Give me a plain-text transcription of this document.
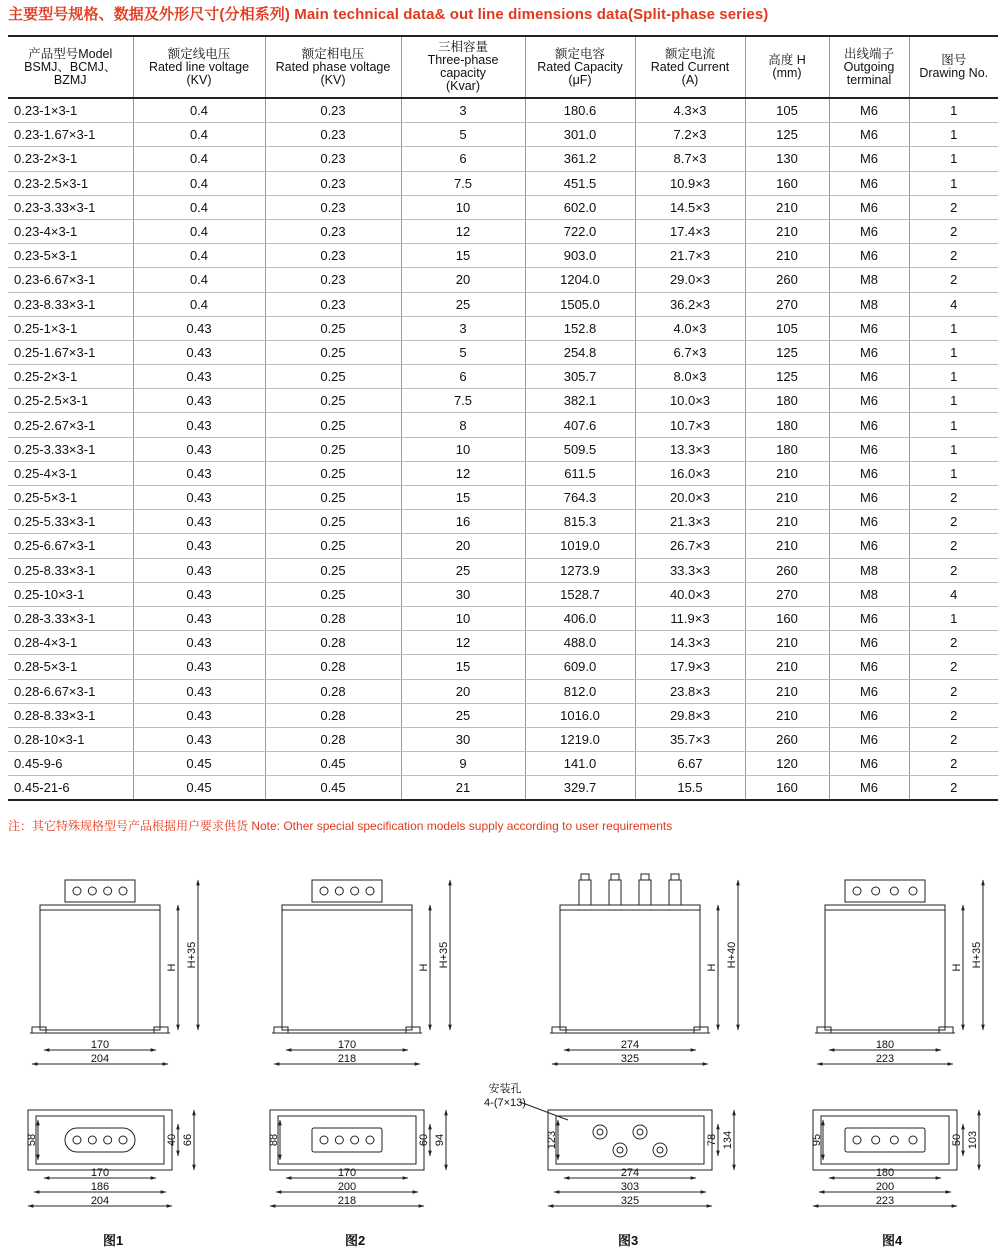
主要型号规格、数据及外形尺寸(分相系列) Main technical data& out line dimensions data(Split-phase series)
产品型号Model
BSMJ、BCMJ、
BZMJ	额定线电压
Rated line voltage
(KV)	额定相电压
Rated phase voltage
(KV)	三相容量
Three-phase capacity
(Kvar)	额定电容
Rated Capacity
(μF)	额定电流
Rated Current
(A)	高度 H
(mm)	出线端子
Outgoing
terminal	图号
Drawing No.

0.23-1×3-1	0.4	0.23	3	180.6	4.3×3	105	M6	1
0.23-1.67×3-1	0.4	0.23	5	301.0	7.2×3	125	M6	1
0.23-2×3-1	0.4	0.23	6	361.2	8.7×3	130	M6	1
0.23-2.5×3-1	0.4	0.23	7.5	451.5	10.9×3	160	M6	1
0.23-3.33×3-1	0.4	0.23	10	602.0	14.5×3	210	M6	2
0.23-4×3-1	0.4	0.23	12	722.0	17.4×3	210	M6	2
0.23-5×3-1	0.4	0.23	15	903.0	21.7×3	210	M6	2
0.23-6.67×3-1	0.4	0.23	20	1204.0	29.0×3	260	M8	2
0.23-8.33×3-1	0.4	0.23	25	1505.0	36.2×3	270	M8	4
0.25-1×3-1	0.43	0.25	3	152.8	4.0×3	105	M6	1
0.25-1.67×3-1	0.43	0.25	5	254.8	6.7×3	125	M6	1
0.25-2×3-1	0.43	0.25	6	305.7	8.0×3	125	M6	1
0.25-2.5×3-1	0.43	0.25	7.5	382.1	10.0×3	180	M6	1
0.25-2.67×3-1	0.43	0.25	8	407.6	10.7×3	180	M6	1
0.25-3.33×3-1	0.43	0.25	10	509.5	13.3×3	180	M6	1
0.25-4×3-1	0.43	0.25	12	611.5	16.0×3	210	M6	1
0.25-5×3-1	0.43	0.25	15	764.3	20.0×3	210	M6	2
0.25-5.33×3-1	0.43	0.25	16	815.3	21.3×3	210	M6	2
0.25-6.67×3-1	0.43	0.25	20	1019.0	26.7×3	210	M6	2
0.25-8.33×3-1	0.43	0.25	25	1273.9	33.3×3	260	M8	2
0.25-10×3-1	0.43	0.25	30	1528.7	40.0×3	270	M8	4
0.28-3.33×3-1	0.43	0.28	10	406.0	11.9×3	160	M6	1
0.28-4×3-1	0.43	0.28	12	488.0	14.3×3	210	M6	2
0.28-5×3-1	0.43	0.28	15	609.0	17.9×3	210	M6	2
0.28-6.67×3-1	0.43	0.28	20	812.0	23.8×3	210	M6	2
0.28-8.33×3-1	0.43	0.28	25	1016.0	29.8×3	210	M6	2
0.28-10×3-1	0.43	0.28	30	1219.0	35.7×3	260	M6	2
0.45-9-6	0.45	0.45	9	141.0	6.67	120	M6	2
0.45-21-6	0.45	0.45	21	329.7	15.5	160	M6	2
注：其它特殊规格型号产品根据用户要求供货 Note: Other special specification models supply according to user requirements
H H+35
170
204
58	40 66
170
186
204
H H+35
170
218
88	60 94
170
200
218
H H+40
274
325
安装孔
4-(7×13)
123	78 134
274
303
325
H H+35
180
223
95	50 103
180
200
223
图1	图2	图3	图4
